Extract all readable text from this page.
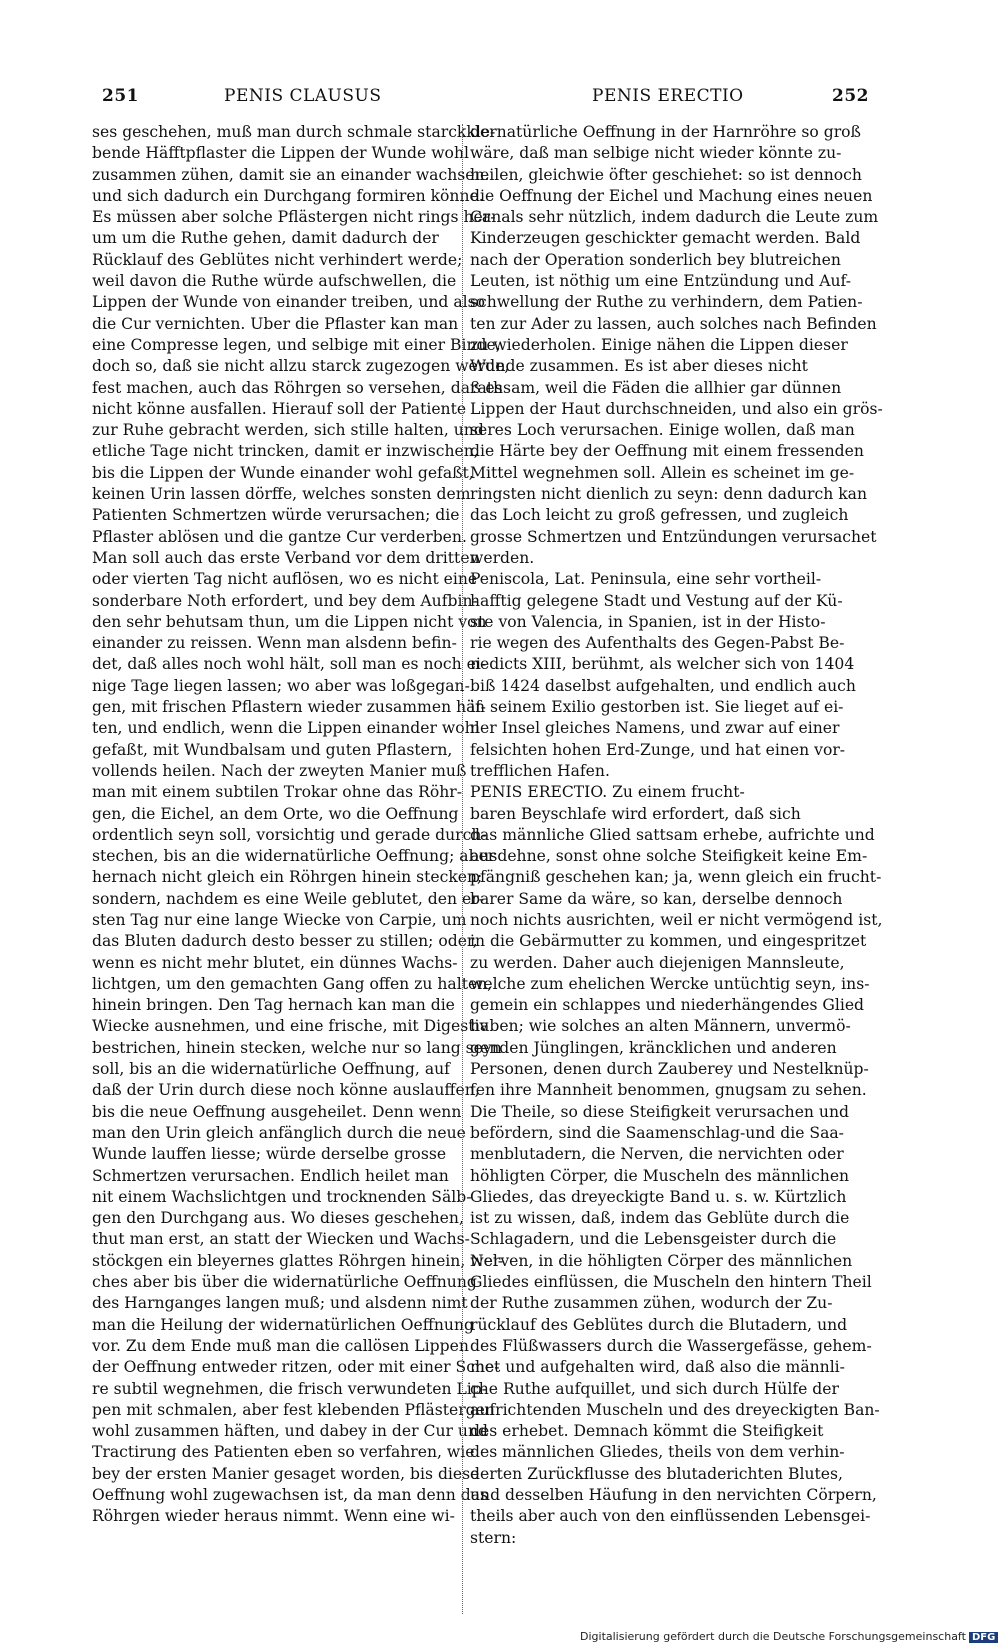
251	PENIS CLAUSUS	PENIS ERECTIO	252
ses geschehen, muß man durch schmale starckkle-
bende Häfftpflaster die Lippen der Wunde wohl
zusammen zühen, damit sie an einander wachsen.
und sich dadurch ein Durchgang formiren könne.
Es müssen aber solche Pflästergen nicht rings her-
um um die Ruthe gehen, damit dadurch der
Rücklauf des Geblütes nicht verhindert werde;
weil davon die Ruthe würde aufschwellen, die
Lippen der Wunde von einander treiben, und also
die Cur vernichten. Uber die Pflaster kan man
eine Compresse legen, und selbige mit einer Binde,
doch so, daß sie nicht allzu starck zugezogen werde,
fest machen, auch das Röhrgen so versehen, daß es
nicht könne ausfallen. Hierauf soll der Patiente
zur Ruhe gebracht werden, sich stille halten, und
etliche Tage nicht trincken, damit er inzwischen,
bis die Lippen der Wunde einander wohl gefaßt,
keinen Urin lassen dörffe, welches sonsten dem
Patienten Schmertzen würde verursachen; die
Pflaster ablösen und die gantze Cur verderben.
Man soll auch das erste Verband vor dem dritten
oder vierten Tag nicht auflösen, wo es nicht eine
sonderbare Noth erfordert, und bey dem Aufbin-
den sehr behutsam thun, um die Lippen nicht von
einander zu reissen. Wenn man alsdenn befin-
det, daß alles noch wohl hält, soll man es noch ei-
nige Tage liegen lassen; wo aber was loßgegan-
gen, mit frischen Pflastern wieder zusammen häf-
ten, und endlich, wenn die Lippen einander wohl
gefaßt, mit Wundbalsam und guten Pflastern,
vollends heilen. Nach der zweyten Manier muß
man mit einem subtilen Trokar ohne das Röhr-
gen, die Eichel, an dem Orte, wo die Oeffnung
ordentlich seyn soll, vorsichtig und gerade durch-
stechen, bis an die widernatürliche Oeffnung; aber
hernach nicht gleich ein Röhrgen hinein stecken;
sondern, nachdem es eine Weile geblutet, den er-
sten Tag nur eine lange Wiecke von Carpie, um
das Bluten dadurch desto besser zu stillen; oder,
wenn es nicht mehr blutet, ein dünnes Wachs-
lichtgen, um den gemachten Gang offen zu halten,
hinein bringen. Den Tag hernach kan man die
Wiecke ausnehmen, und eine frische, mit Digestiv
bestrichen, hinein stecken, welche nur so lang seyn
soll, bis an die widernatürliche Oeffnung, auf
daß der Urin durch diese noch könne auslauffen,
bis die neue Oeffnung ausgeheilet. Denn wenn
man den Urin gleich anfänglich durch die neue
Wunde lauffen liesse; würde derselbe grosse
Schmertzen verursachen. Endlich heilet man
nit einem Wachslichtgen und trocknenden Sälb-
gen den Durchgang aus. Wo dieses geschehen,
thut man erst, an statt der Wiecken und Wachs-
stöckgen ein bleyernes glattes Röhrgen hinein, wel-
ches aber bis über die widernatürliche Oeffnung
des Harnganges langen muß; und alsdenn nimt
man die Heilung der widernatürlichen Oeffnung
vor. Zu dem Ende muß man die callösen Lippen
der Oeffnung entweder ritzen, oder mit einer Sche-
re subtil wegnehmen, die frisch verwundeten Lip-
pen mit schmalen, aber fest klebenden Pflästergen
wohl zusammen häften, und dabey in der Cur und
Tractirung des Patienten eben so verfahren, wie
bey der ersten Manier gesaget worden, bis diese
Oeffnung wohl zugewachsen ist, da man denn das
Röhrgen wieder heraus nimmt. Wenn eine wi-
dernatürliche Oeffnung in der Harnröhre so groß
wäre, daß man selbige nicht wieder könnte zu-
heilen, gleichwie öfter geschiehet: so ist dennoch
die Oeffnung der Eichel und Machung eines neuen
Canals sehr nützlich, indem dadurch die Leute zum
Kinderzeugen geschickter gemacht werden. Bald
nach der Operation sonderlich bey blutreichen
Leuten, ist nöthig um eine Entzündung und Auf-
schwellung der Ruthe zu verhindern, dem Patien-
ten zur Ader zu lassen, auch solches nach Befinden
zu wiederholen. Einige nähen die Lippen dieser
Wunde zusammen. Es ist aber dieses nicht
rathsam, weil die Fäden die allhier gar dünnen
Lippen der Haut durchschneiden, und also ein grös-
seres Loch verursachen. Einige wollen, daß man
die Härte bey der Oeffnung mit einem fressenden
Mittel wegnehmen soll. Allein es scheinet im ge-
ringsten nicht dienlich zu seyn: denn dadurch kan
das Loch leicht zu groß gefressen, und zugleich
grosse Schmertzen und Entzündungen verursachet
werden.
Peniscola, Lat. Peninsula, eine sehr vortheil-
hafftig gelegene Stadt und Vestung auf der Kü-
ste von Valencia, in Spanien, ist in der Histo-
rie wegen des Aufenthalts des Gegen-Pabst Be-
nedicts XIII, berühmt, als welcher sich von 1404
biß 1424 daselbst aufgehalten, und endlich auch
in seinem Exilio gestorben ist. Sie lieget auf ei-
ner Insel gleiches Namens, und zwar auf einer
felsichten hohen Erd-Zunge, und hat einen vor-
trefflichen Hafen.
PENIS ERECTIO. Zu einem frucht-
baren Beyschlafe wird erfordert, daß sich
das männliche Glied sattsam erhebe, aufrichte und
ausdehne, sonst ohne solche Steifigkeit keine Em-
pfängniß geschehen kan; ja, wenn gleich ein frucht-
barer Same da wäre, so kan, derselbe dennoch
noch nichts ausrichten, weil er nicht vermögend ist,
in die Gebärmutter zu kommen, und eingespritzet
zu werden. Daher auch diejenigen Mannsleute,
welche zum ehelichen Wercke untüchtig seyn, ins-
gemein ein schlappes und niederhängendes Glied
haben; wie solches an alten Männern, unvermö-
genden Jünglingen, kräncklichen und anderen
Personen, denen durch Zauberey und Nestelknüp-
fen ihre Mannheit benommen, gnugsam zu sehen.
Die Theile, so diese Steifigkeit verursachen und
befördern, sind die Saamenschlag-und die Saa-
menblutadern, die Nerven, die nervichten oder
höhligten Cörper, die Muscheln des männlichen
Gliedes, das dreyeckigte Band u. s. w. Kürtzlich
ist zu wissen, daß, indem das Geblüte durch die
Schlagadern, und die Lebensgeister durch die
Nerven, in die höhligten Cörper des männlichen
Gliedes einflüssen, die Muscheln den hintern Theil
der Ruthe zusammen zühen, wodurch der Zu-
rücklauf des Geblütes durch die Blutadern, und
des Flüßwassers durch die Wassergefässe, gehem-
met und aufgehalten wird, daß also die männli-
che Ruthe aufquillet, und sich durch Hülfe der
aufrichtenden Muscheln und des dreyeckigten Ban-
des erhebet. Demnach kömmt die Steifigkeit
des männlichen Gliedes, theils von dem verhin-
derten Zurückflusse des blutaderichten Blutes,
und desselben Häufung in den nervichten Cörpern,
theils aber auch von den einflüssenden Lebensgei-
stern:
Digitalisierung gefördert durch die Deutsche Forschungsgemeinschaft DFG
